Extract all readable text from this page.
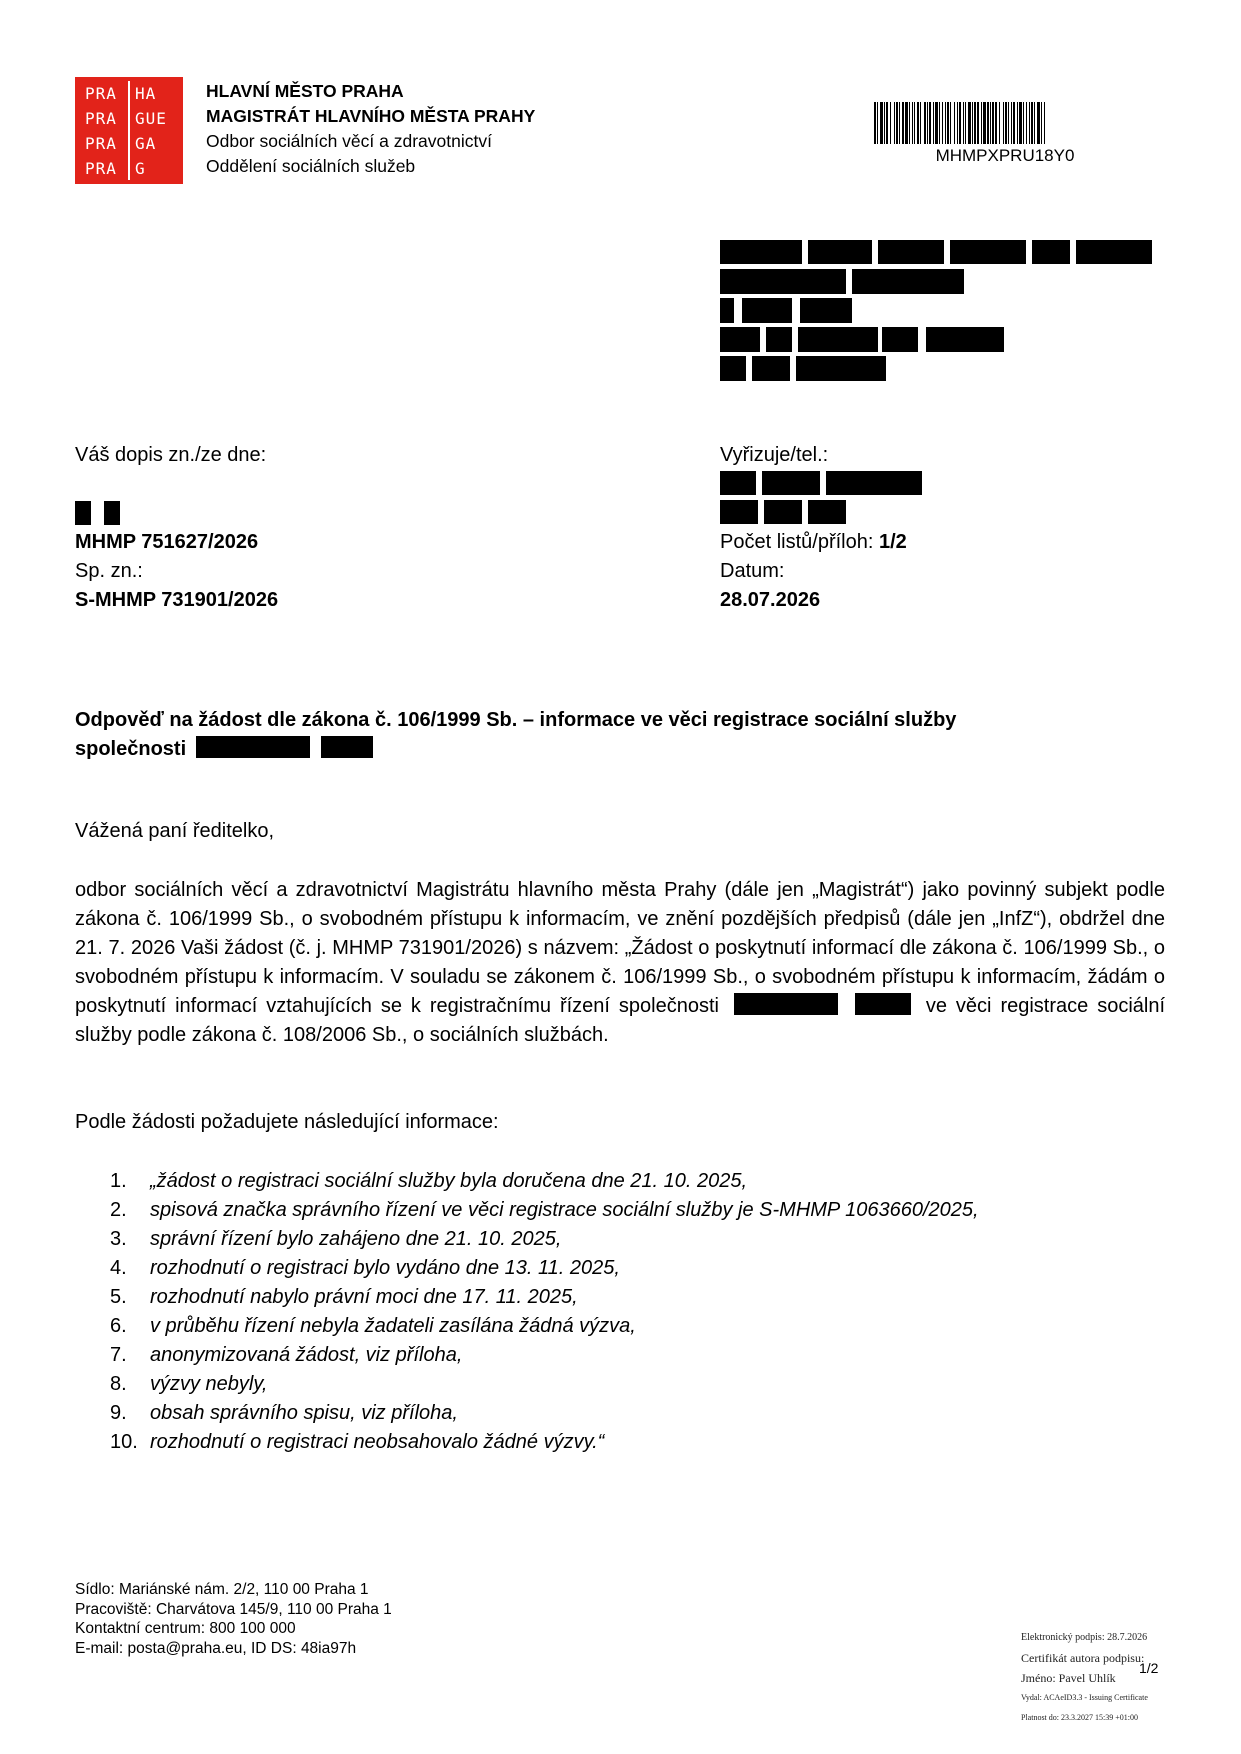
PRA HA
PRA GUE
PRA GA
PRA G
HLAVNÍ MĚSTO PRAHA
MAGISTRÁT HLAVNÍHO MĚSTA PRAHY
Odbor sociálních věcí a zdravotnictví
Oddělení sociálních služeb
MHMPXPRU18Y0
Váš dopis zn./ze dne:
MHMP 751627/2026
Sp. zn.:
S-MHMP 731901/2026
Vyřizuje/tel.:
Počet listů/příloh: 1/2
Datum:
28.07.2026
Odpověď na žádost dle zákona č. 106/1999 Sb. – informace ve věci registrace sociální služby
společnosti
Vážená paní ředitelko,
odbor sociálních věcí a zdravotnictví Magistrátu hlavního města Prahy (dále jen „Magistrát“) jako povinný subjekt podle zákona č. 106/1999 Sb., o svobodném přístupu k informacím, ve znění pozdějších předpisů (dále jen „InfZ“), obdržel dne 21. 7. 2026 Vaši žádost (č. j. MHMP 731901/2026) s názvem: „Žádost o poskytnutí informací dle zákona č. 106/1999 Sb., o svobodném přístupu k informacím. V souladu se zákonem č. 106/1999 Sb., o svobodném přístupu k informacím, žádám o poskytnutí informací vztahujících se k registračnímu řízení společnosti	ve věci registrace sociální služby podle zákona č. 108/2006 Sb., o sociálních službách.
Podle žádosti požadujete následující informace:
1.	„žádost o registraci sociální služby byla doručena dne 21. 10. 2025,
2.	spisová značka správního řízení ve věci registrace sociální služby je S-MHMP 1063660/2025,
3.	správní řízení bylo zahájeno dne 21. 10. 2025,
4.	rozhodnutí o registraci bylo vydáno dne 13. 11. 2025,
5.	rozhodnutí nabylo právní moci dne 17. 11. 2025,
6.	v průběhu řízení nebyla žadateli zasílána žádná výzva,
7.	anonymizovaná žádost, viz příloha,
8.	výzvy nebyly,
9.	obsah správního spisu, viz příloha,
10. rozhodnutí o registraci neobsahovalo žádné výzvy.“
Sídlo: Mariánské nám. 2/2, 110 00 Praha 1
Pracoviště: Charvátova 145/9, 110 00 Praha 1
Kontaktní centrum: 800 100 000
E-mail: posta@praha.eu, ID DS: 48ia97h
Elektronický podpis: 28.7.2026
Certifikát autora podpisu:
Jméno: Pavel Uhlík
Vydal: ACAeID3.3 - Issuing Certificate
Platnost do: 23.3.2027 15:39 +01:00
1/2
